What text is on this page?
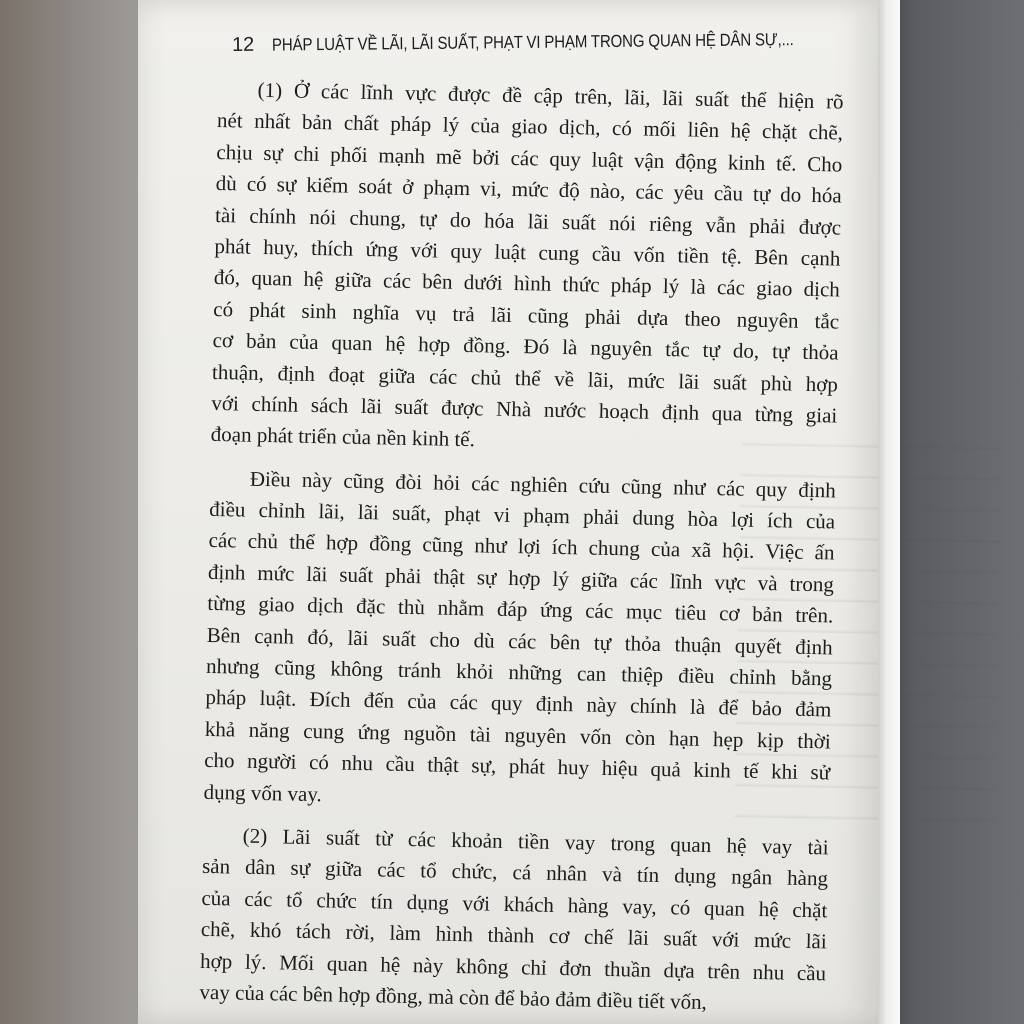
12 PHÁP LUẬT VỀ LÃI, LÃI SUẤT, PHẠT VI PHẠM TRONG QUAN HỆ DÂN SỰ,...
(1) Ở các lĩnh vực được đề cập trên, lãi, lãi suất thể hiện rõ
nét nhất bản chất pháp lý của giao dịch, có mối liên hệ chặt chẽ,
chịu sự chi phối mạnh mẽ bởi các quy luật vận động kinh tế. Cho
dù có sự kiểm soát ở phạm vi, mức độ nào, các yêu cầu tự do hóa
tài chính nói chung, tự do hóa lãi suất nói riêng vẫn phải được
phát huy, thích ứng với quy luật cung cầu vốn tiền tệ. Bên cạnh
đó, quan hệ giữa các bên dưới hình thức pháp lý là các giao dịch
có phát sinh nghĩa vụ trả lãi cũng phải dựa theo nguyên tắc
cơ bản của quan hệ hợp đồng. Đó là nguyên tắc tự do, tự thỏa
thuận, định đoạt giữa các chủ thể về lãi, mức lãi suất phù hợp
với chính sách lãi suất được Nhà nước hoạch định qua từng giai
đoạn phát triển của nền kinh tế.
Điều này cũng đòi hỏi các nghiên cứu cũng như các quy định
điều chỉnh lãi, lãi suất, phạt vi phạm phải dung hòa lợi ích của
các chủ thể hợp đồng cũng như lợi ích chung của xã hội. Việc ấn
định mức lãi suất phải thật sự hợp lý giữa các lĩnh vực và trong
từng giao dịch đặc thù nhằm đáp ứng các mục tiêu cơ bản trên.
Bên cạnh đó, lãi suất cho dù các bên tự thỏa thuận quyết định
nhưng cũng không tránh khỏi những can thiệp điều chỉnh bằng
pháp luật. Đích đến của các quy định này chính là để bảo đảm
khả năng cung ứng nguồn tài nguyên vốn còn hạn hẹp kịp thời
cho người có nhu cầu thật sự, phát huy hiệu quả kinh tế khi sử
dụng vốn vay.
(2) Lãi suất từ các khoản tiền vay trong quan hệ vay tài
sản dân sự giữa các tổ chức, cá nhân và tín dụng ngân hàng
của các tổ chức tín dụng với khách hàng vay, có quan hệ chặt
chẽ, khó tách rời, làm hình thành cơ chế lãi suất với mức lãi
hợp lý. Mối quan hệ này không chỉ đơn thuần dựa trên nhu cầu
vay của các bên hợp đồng, mà còn để bảo đảm điều tiết vốn,
